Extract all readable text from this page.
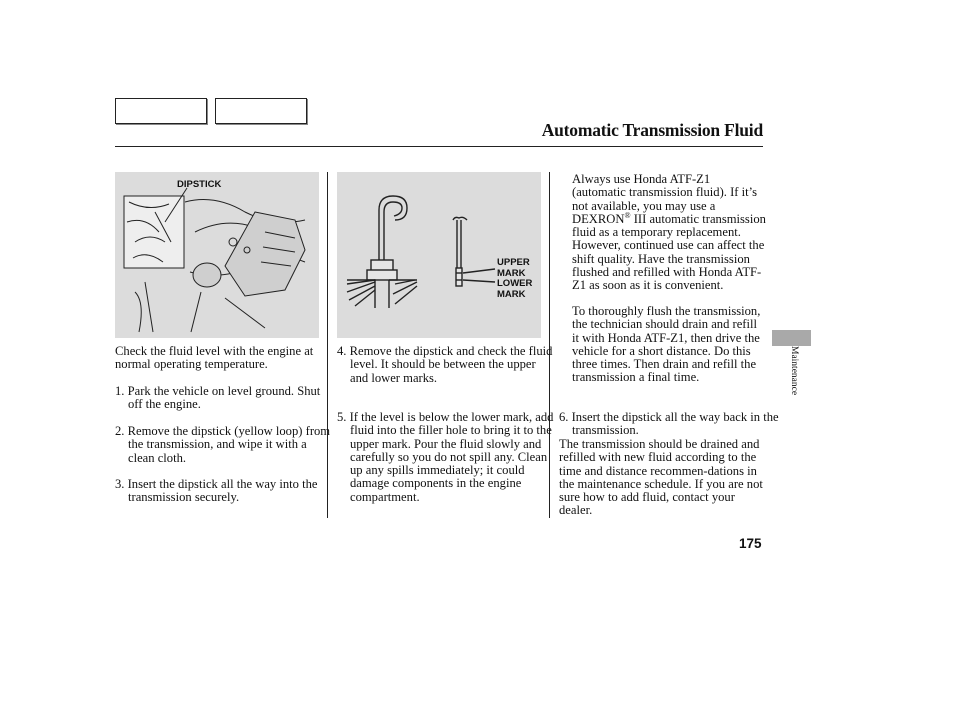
Automatic Transmission Fluid
DIPSTICK
UPPER
MARK
LOWER
MARK

Check the fluid level with the engine at normal operating temperature.

1. Park the vehicle on level ground. Shut off the engine.

2. Remove the dipstick (yellow loop) from the transmission, and wipe it with a clean cloth.

3. Insert the dipstick all the way into the transmission securely.

4. Remove the dipstick and check the fluid level. It should be between the upper and lower marks.

5. If the level is below the lower mark, add fluid into the filler hole to bring it to the upper mark. Pour the fluid slowly and carefully so you do not spill any. Clean up any spills immediately; it could damage components in the engine compartment.

Always use Honda ATF-Z1 (automatic transmission fluid). If it’s not available, you may use a DEXRON® III automatic transmission fluid as a temporary replacement. However, continued use can affect the shift quality. Have the transmission flushed and refilled with Honda ATF-Z1 as soon as it is convenient.

To thoroughly flush the transmission, the technician should drain and refill it with Honda ATF-Z1, then drive the vehicle for a short distance. Do this three times. Then drain and refill the transmission a final time.

6. Insert the dipstick all the way back in the transmission.

The transmission should be drained and refilled with new fluid according to the time and distance recommen-dations in the maintenance schedule. If you are not sure how to add fluid, contact your dealer.

Maintenance
175
